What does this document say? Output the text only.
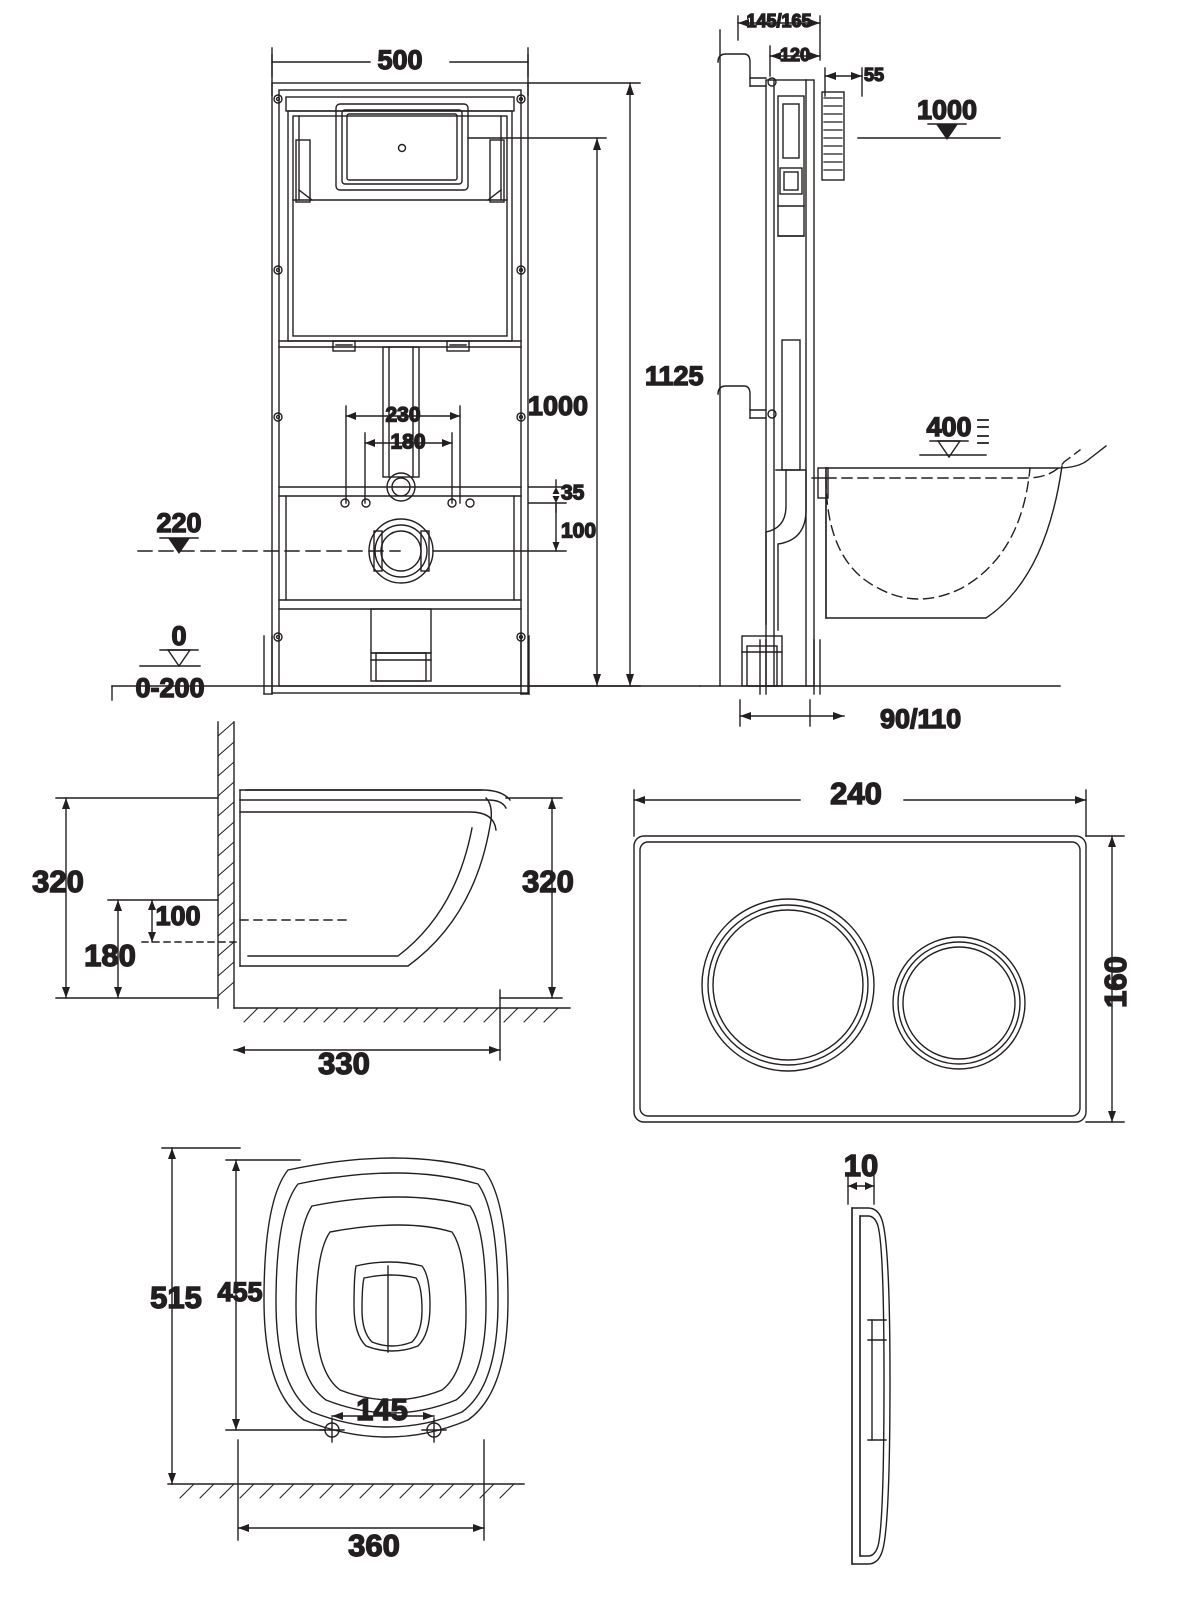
500
1125
1000
230
180
35
100
220
0
0-200
145/165
120
55
1000
400
90/110
320	320
100
180
330
515 455
145
360
240
160
10
